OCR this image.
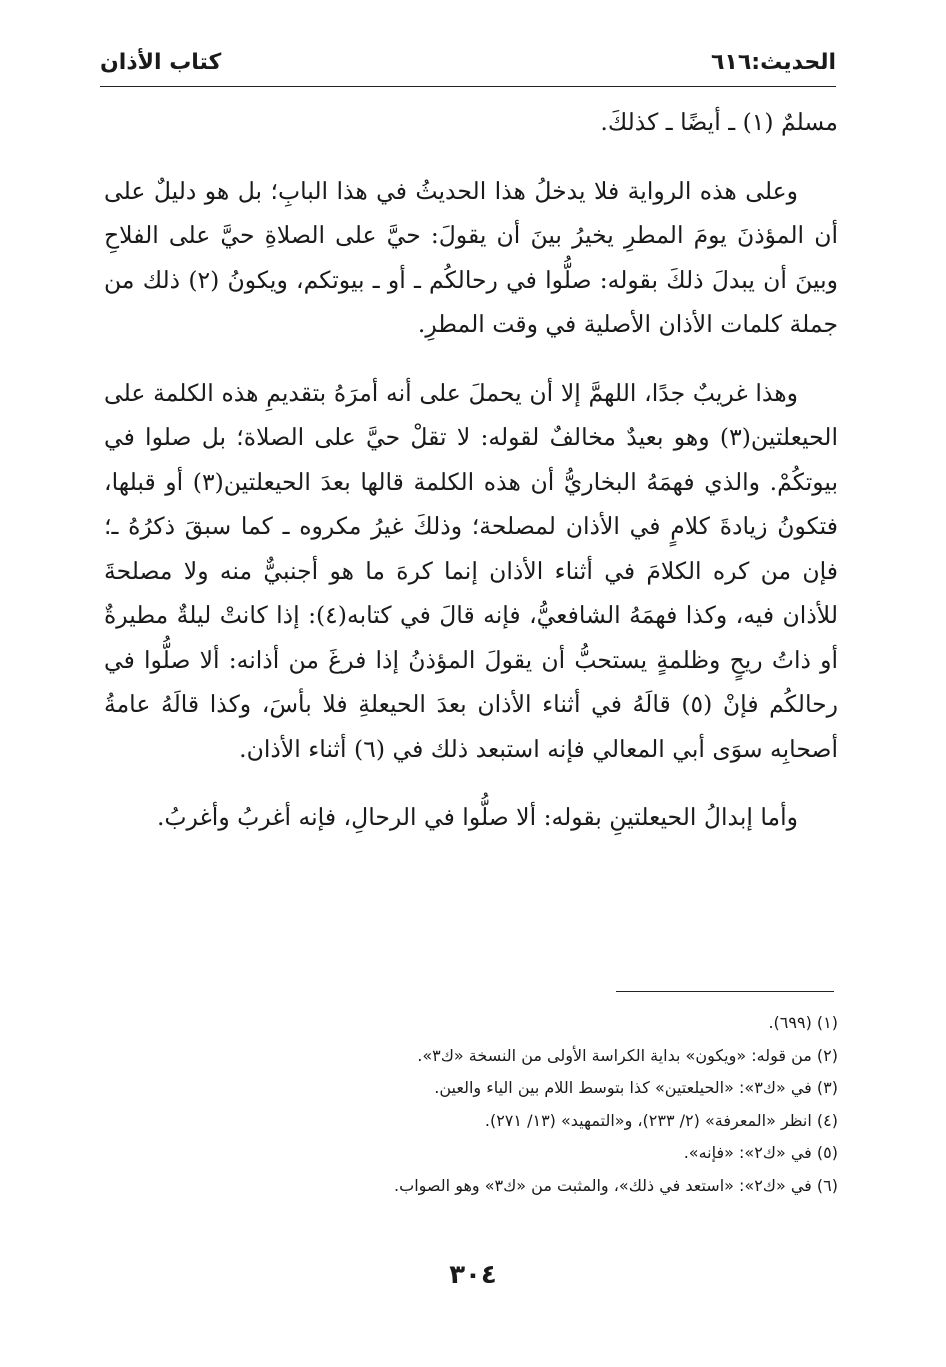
الحديث:٦١٦
كتاب الأذان

مسلمٌ (١) ـ أيضًا ـ كذلكَ.

وعلى هذه الرواية فلا يدخلُ هذا الحديثُ في هذا البابِ؛ بل هو دليلٌ على أن المؤذنَ يومَ المطرِ يخيرُ بينَ أن يقولَ: حيَّ على الصلاةِ حيَّ على الفلاحِ وبينَ أن يبدلَ ذلكَ بقوله: صلُّوا في رحالكُم ـ أو ـ بيوتكم، ويكونُ (٢) ذلك من جملة كلمات الأذان الأصلية في وقت المطرِ.

وهذا غريبٌ جدًا، اللهمَّ إلا أن يحملَ على أنه أمرَهُ بتقديمِ هذه الكلمة على الحيعلتين(٣) وهو بعيدٌ مخالفٌ لقوله: لا تقلْ حيَّ على الصلاة؛ بل صلوا في بيوتكُمْ. والذي فهمَهُ البخاريُّ أن هذه الكلمة قالها بعدَ الحيعلتين(٣) أو قبلها، فتكونُ زيادةَ كلامٍ في الأذان لمصلحة؛ وذلكَ غيرُ مكروه ـ كما سبقَ ذكرُهُ ـ؛ فإن من كره الكلامَ في أثناء الأذان إنما كرهَ ما هو أجنبيٌّ منه ولا مصلحةَ للأذان فيه، وكذا فهمَهُ الشافعيُّ، فإنه قالَ في كتابه(٤): إذا كانتْ ليلةٌ مطيرةٌ أو ذاتُ ريحٍ وظلمةٍ يستحبُّ أن يقولَ المؤذنُ إذا فرغَ من أذانه: ألا صلُّوا في رحالكُم فإنْ (٥) قالَهُ في أثناء الأذان بعدَ الحيعلةِ فلا بأسَ، وكذا قالَهُ عامةُ أصحابِه سوَى أبي المعالي فإنه استبعد ذلك في (٦) أثناء الأذان.

وأما إبدالُ الحيعلتينِ بقوله: ألا صلُّوا في الرحالِ، فإنه أغربُ وأغربُ.

(١) (٦٩٩).
(٢) من قوله: «ويكون» بداية الكراسة الأولى من النسخة «ك٣».
(٣) في «ك٣»: «الحيلعتين» كذا بتوسط اللام بين الياء والعين.
(٤) انظر «المعرفة» (٢/ ٢٣٣)، و«التمهيد» (١٣/ ٢٧١).
(٥) في «ك٢»: «فإنه».
(٦) في «ك٢»: «استعد في ذلك»، والمثبت من «ك٣» وهو الصواب.
٣٠٤
